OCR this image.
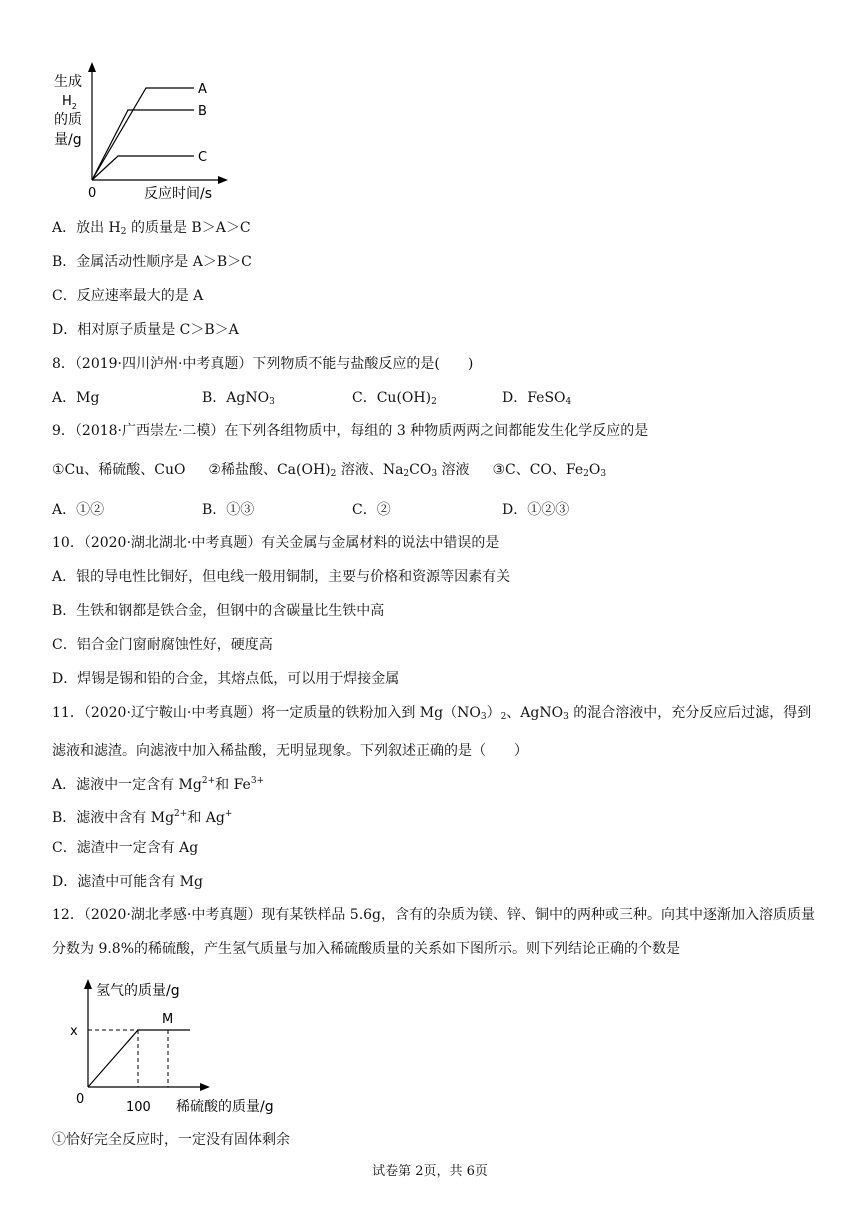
生成
$H_2$
的质
量/g
A
B
C
0	反应时间/s
A．放出 $H_2$ 的质量是 B＞A＞C
B．金属活动性顺序是 A＞B＞C
C．反应速率最大的是 A
D．相对原子质量是 C＞B＞A
8．（2019·四川泸州·中考真题）下列物质不能与盐酸反应的是(　　)
A．Mg	B．AgNO$_3$	C．$Cu(OH)_2$	D．FeSO$_4$
9．（2018·广西崇左·二模）在下列各组物质中，每组的 3 种物质两两之间都能发生化学反应的是
①Cu、稀硫酸、CuO ②稀盐酸、$Ca(OH)_2$ 溶液、$Na_2CO_3$ 溶液 ③C、CO、$Fe_2O_3$
A．①②	B．①③	C．②	D．①②③
10．（2020·湖北湖北·中考真题）有关金属与金属材料的说法中错误的是
A．银的导电性比铜好，但电线一般用铜制，主要与价格和资源等因素有关
B．生铁和钢都是铁合金，但钢中的含碳量比生铁中高
C．铝合金门窗耐腐蚀性好，硬度高
D．焊锡是锡和铅的合金，其熔点低，可以用于焊接金属
11．（2020·辽宁鞍山·中考真题）将一定质量的铁粉加入到 $Mg(NO_3)_2$、AgNO$_3$ 的混合溶液中，充分反应后过滤，得到滤液和滤渣。向滤液中加入稀盐酸，无明显现象。下列叙述正确的是（　　）
A．滤液中一定含有 $Mg^{2+}$和 $Fe^{3+}$
B．滤液中含有 $Mg^{2+}$和 Ag+
C．滤渣中一定含有 Ag
D．滤渣中可能含有 Mg
12．（2020·湖北孝感·中考真题）现有某铁样品 5.6g，含有的杂质为镁、锌、铜中的两种或三种。向其中逐渐加入溶质质量分数为 9.8%的稀硫酸，产生氢气质量与加入稀硫酸质量的关系如下图所示。则下列结论正确的个数是
氢气的质量/g
x
0
100 稀硫酸的质量/g
M
①恰好完全反应时，一定没有固体剩余
试卷第 2页，共 6页
